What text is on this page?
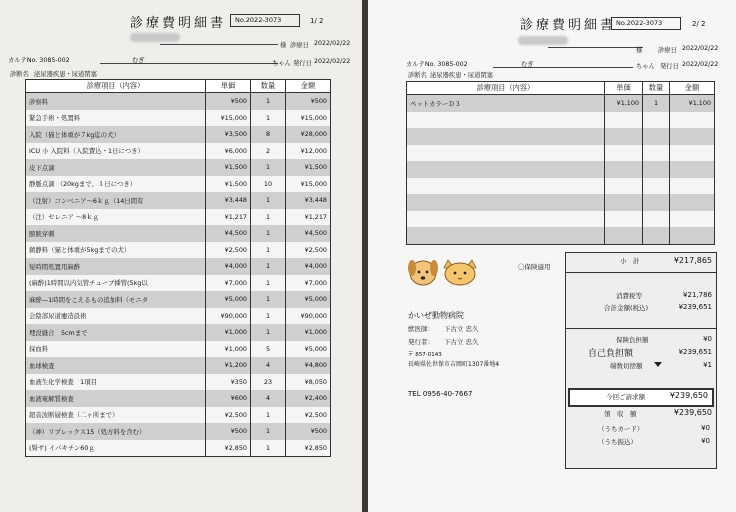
診療費明細書	No.2022-3073	1/ 2
様 診療日 2022/02/22
カルテNo. 3085-002	むぎ	ちゃん 発行日 2022/02/22
診断名 泌尿器疾患・尿道閉塞
診療項目（内容）	単価	数量	金額
診察料	¥500	1	¥500
緊急手術・処置料	¥15,000	1	¥15,000
入院（猫と体重が７kg迄の犬）	¥3,500	8	¥28,000
ICU 小 入院料（入院費込・1日につき）	¥6,000	2	¥12,000
皮下点滴	¥1,500	1	¥1,500
静脈点滴 （20kgまで、１日につき）	¥1,500	10	¥15,000
（注射）コンベニア〜6ｋｇ（14日間有	¥3,448	1	¥3,448
（注）セレニア 〜8ｋｇ	¥1,217	1	¥1,217
膀胱穿刺	¥4,500	1	¥4,500
鎮静料（猫と体重が5kgまでの犬）	¥2,500	1	¥2,500
短時間処置用麻酔	¥4,000	1	¥4,000
(麻酔)1時間以内気管チューブ挿管(5kg以	¥7,000	1	¥7,000
麻酔—1時間をこえるもの追加料（モニタ	¥5,000	1	¥5,000
会陰部尿道瘻造設術	¥90,000	1	¥90,000
埋没縫合　5cmまで	¥1,000	1	¥1,000
採血料	¥1,000	5	¥5,000
血球検査	¥1,200	4	¥4,800
血液生化学検査　1項目	¥350	23	¥8,050
血液電解質検査	¥600	4	¥2,400
超音波断層検査（二ヶ所まで）	¥2,500	1	¥2,500
（神）リプレックス15（処方料を含む）	¥500	1	¥500
(腎サ) イパキチン60ｇ	¥2,850	1	¥2,850
診療費明細書 No.2022-3073	2/ 2
様 診療日 2022/02/22
カルテNo. 3085-002	むぎ	ちゃん 発行日 2022/02/22
診断名 泌尿器疾患・尿道閉塞
診療項目（内容）	単価	数量	金額
ペットカラーＤ３	¥1,100	1	¥1,100

〇保険適用
かいぜ動物病院
獣医師： 下古立 忠久
発行者： 下古立 忠久
〒 857-0143
長崎県佐世保市吉岡町1307番地4
TEL 0956-40-7667
小　計	¥217,865
消費税等	¥21,786
合計金額(税込)	¥239,651
保険負担額	¥0
自己負担額	¥239,651
端数切捨額	¥1
今回ご請求額	¥239,650
領　収　額	¥239,650
（うちカード）	¥0
（うち振込）	¥0
